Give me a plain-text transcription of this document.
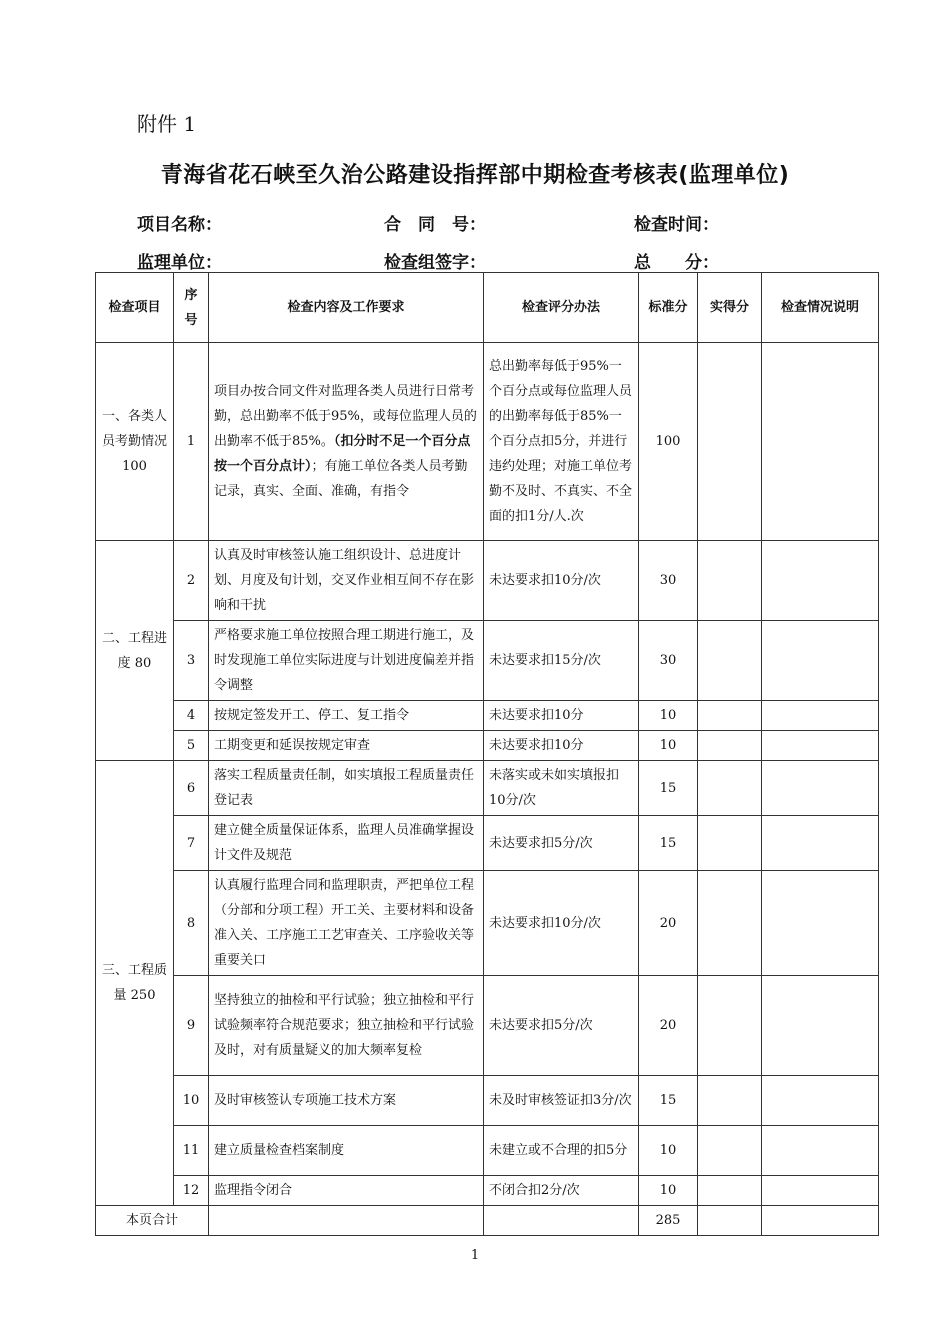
附件 1
青海省花石峡至久治公路建设指挥部中期检查考核表(监理单位)
项目名称：	合　同　号：	检查时间：
监理单位：	检查组签字：	总　　分：
检查项目	序号	检查内容及工作要求	检查评分办法	标准分	实得分	检查情况说明
一、各类人员考勤情况 100	1	项目办按合同文件对监理各类人员进行日常考勤，总出勤率不低于95%，或每位监理人员的出勤率不低于85%。（扣分时不足一个百分点按一个百分点计）；有施工单位各类人员考勤记录，真实、全面、准确，有指令	总出勤率每低于95%一个百分点或每位监理人员的出勤率每低于85%一个百分点扣5分，并进行违约处理；对施工单位考勤不及时、不真实、不全面的扣1分/人.次	100		
二、工程进度 80	2	认真及时审核签认施工组织设计、总进度计划、月度及旬计划，交叉作业相互间不存在影响和干扰	未达要求扣10分/次	30		
	3	严格要求施工单位按照合理工期进行施工，及时发现施工单位实际进度与计划进度偏差并指令调整	未达要求扣15分/次	30		
	4	按规定签发开工、停工、复工指令	未达要求扣10分	10		
	5	工期变更和延误按规定审查	未达要求扣10分	10		
三、工程质量 250	6	落实工程质量责任制，如实填报工程质量责任登记表	未落实或未如实填报扣10分/次	15		
	7	建立健全质量保证体系，监理人员准确掌握设计文件及规范	未达要求扣5分/次	15		
	8	认真履行监理合同和监理职责，严把单位工程（分部和分项工程）开工关、主要材料和设备准入关、工序施工工艺审查关、工序验收关等重要关口	未达要求扣10分/次	20		
	9	坚持独立的抽检和平行试验；独立抽检和平行试验频率符合规范要求；独立抽检和平行试验及时，对有质量疑义的加大频率复检	未达要求扣5分/次	20		
	10	及时审核签认专项施工技术方案	未及时审核签证扣3分/次	15		
	11	建立质量检查档案制度	未建立或不合理的扣5分	10		
	12	监理指令闭合	不闭合扣2分/次	10		
本页合计				285		
1
